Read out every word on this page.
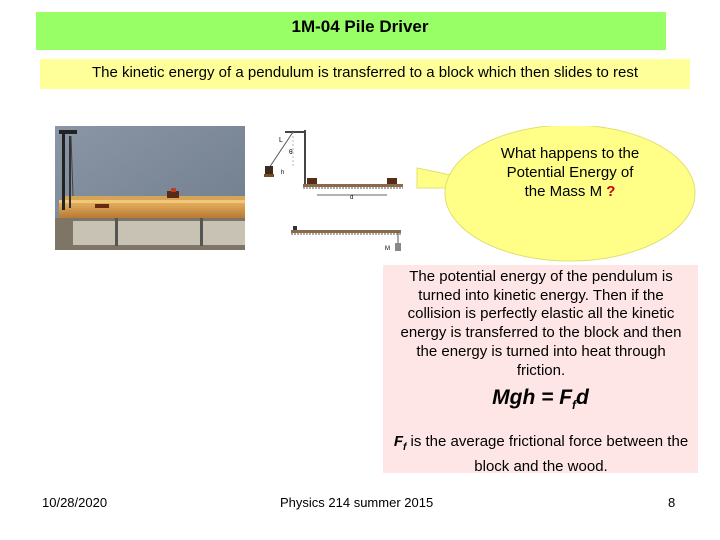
1M-04 Pile Driver
The kinetic energy of a pendulum is transferred to a block which then slides to rest
L
θ
h
d
M
What happens to the Potential Energy of the Mass M ?
The potential energy of the pendulum is turned into kinetic energy. Then if the collision is perfectly elastic all the kinetic energy is transferred to the block and then the energy is turned into heat through friction.
Mgh = $F_fd$
$F_f$ is the average frictional force between the block and the wood.
10/28/2020	Physics 214 summer 2015	8
